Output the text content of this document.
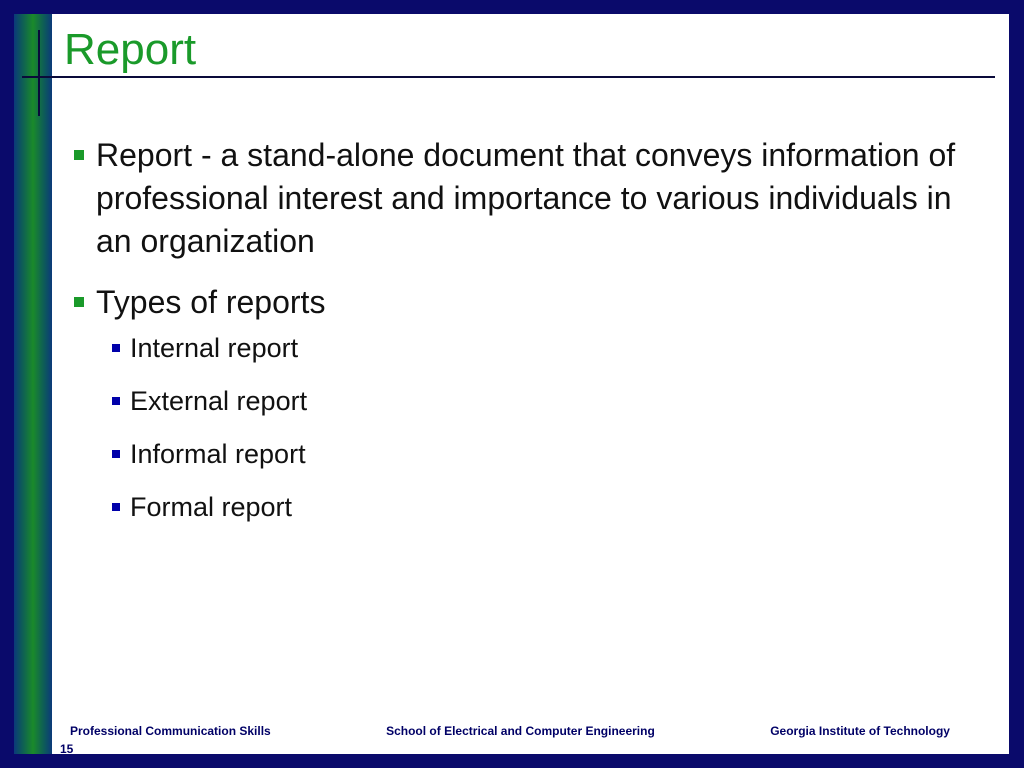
Report
Report - a stand-alone document that conveys information of professional interest and importance to various individuals in an organization
Types of reports
Internal report
External report
Informal report
Formal report
Professional Communication Skills	School of Electrical and Computer Engineering	Georgia Institute of Technology
15
